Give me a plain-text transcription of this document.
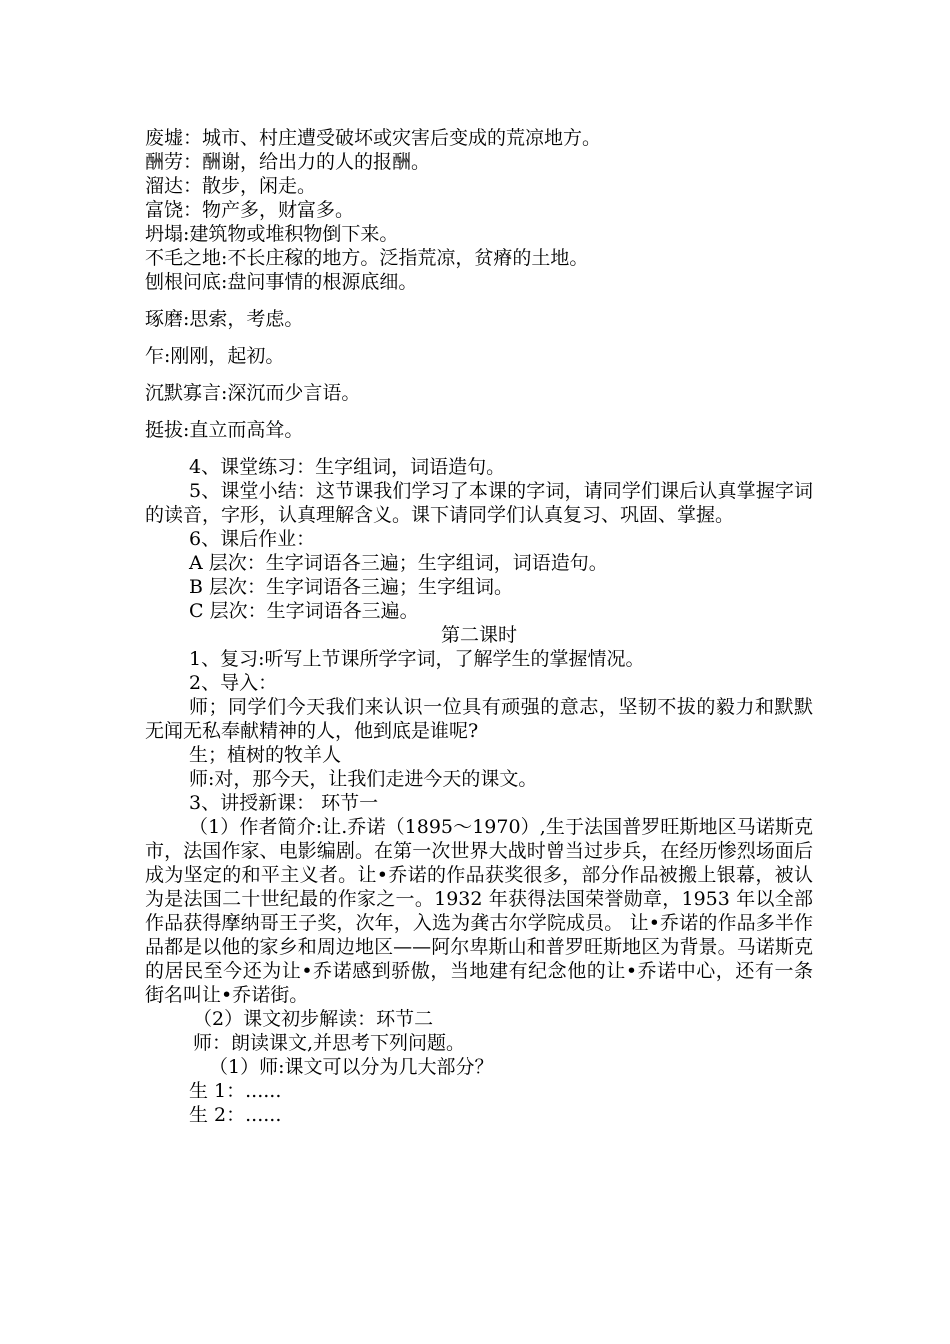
废墟：城市、村庄遭受破坏或灾害后变成的荒凉地方。

酬劳：酬谢，给出力的人的报酬。

溜达：散步，闲走。

富饶：物产多，财富多。

坍塌:建筑物或堆积物倒下来。

不毛之地:不长庄稼的地方。泛指荒凉，贫瘠的土地。

刨根问底:盘问事情的根源底细。

琢磨:思索，考虑。

乍:刚刚，起初。

沉默寡言:深沉而少言语。

挺拔:直立而高耸。

4、课堂练习：生字组词，词语造句。

5、课堂小结：这节课我们学习了本课的字词，请同学们课后认真掌握字词的读音，字形，认真理解含义。课下请同学们认真复习、巩固、掌握。

6、课后作业：

A 层次：生字词语各三遍；生字组词，词语造句。

B 层次：生字词语各三遍；生字组词。

C 层次：生字词语各三遍。

第二课时

1、复习:听写上节课所学字词，了解学生的掌握情况。

2、导入：

师；同学们今天我们来认识一位具有顽强的意志，坚韧不拔的毅力和默默无闻无私奉献精神的人，他到底是谁呢?

生；植树的牧羊人

师:对，那今天，让我们走进今天的课文。

3、讲授新课： 环节一

（1）作者简介:让.乔诺（1895～1970）,生于法国普罗旺斯地区马诺斯克市，法国作家、电影编剧。在第一次世界大战时曾当过步兵，在经历惨烈场面后成为坚定的和平主义者。让•乔诺的作品获奖很多，部分作品被搬上银幕，被认为是法国二十世纪最的作家之一。1932 年获得法国荣誉勋章，1953 年以全部作品获得摩纳哥王子奖，次年，入选为龚古尔学院成员。 让•乔诺的作品多半作品都是以他的家乡和周边地区——阿尔卑斯山和普罗旺斯地区为背景。马诺斯克的居民至今还为让•乔诺感到骄傲，当地建有纪念他的让•乔诺中心，还有一条街名叫让•乔诺街。

（2）课文初步解读：环节二

师：朗读课文,并思考下列问题。

（1）师:课文可以分为几大部分？

生 1：......

生 2：......
